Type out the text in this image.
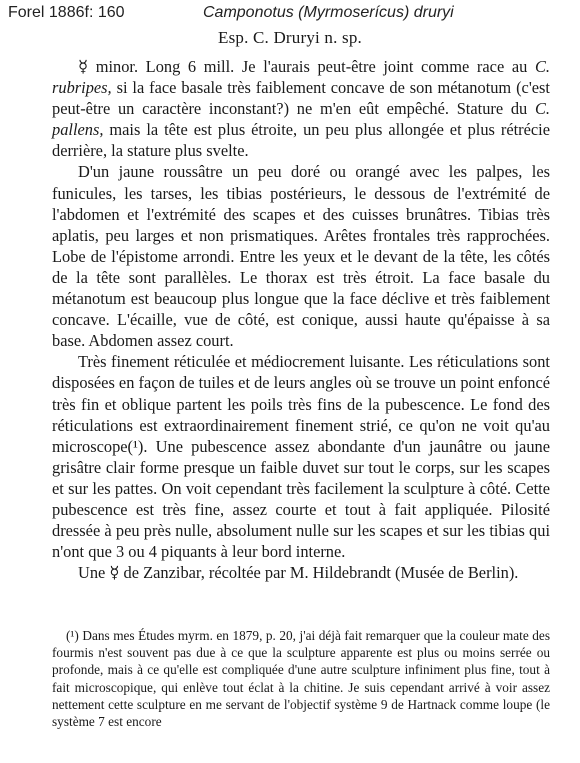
Forel 1886f: 160	Camponotus (Myrmoserícus) druryi
Esp. C. Druryi n. sp.

☿ minor. Long 6 mill. Je l'aurais peut-être joint comme race au C. rubripes, si la face basale très faiblement concave de son métanotum (c'est peut-être un caractère inconstant?) ne m'en eût empêché. Stature du C. pallens, mais la tête est plus étroite, un peu plus allongée et plus rétrécie derrière, la stature plus svelte.

D'un jaune roussâtre un peu doré ou orangé avec les palpes, les funicules, les tarses, les tibias postérieurs, le dessous de l'extrémité de l'abdomen et l'extrémité des scapes et des cuisses brunâtres. Tibias très aplatis, peu larges et non prismatiques. Arêtes frontales très rapprochées. Lobe de l'épistome arrondi. Entre les yeux et le devant de la tête, les côtés de la tête sont parallèles. Le thorax est très étroit. La face basale du métanotum est beaucoup plus longue que la face déclive et très faiblement concave. L'écaille, vue de côté, est conique, aussi haute qu'épaisse à sa base. Abdomen assez court.

Très finement réticulée et médiocrement luisante. Les réticulations sont disposées en façon de tuiles et de leurs angles où se trouve un point enfoncé très fin et oblique partent les poils très fins de la pubescence. Le fond des réticulations est extraordinairement finement strié, ce qu'on ne voit qu'au microscope(¹). Une pubescence assez abondante d'un jaunâtre ou jaune grisâtre clair forme presque un faible duvet sur tout le corps, sur les scapes et sur les pattes. On voit cependant très facilement la sculpture à côté. Cette pubescence est très fine, assez courte et tout à fait appliquée. Pilosité dressée à peu près nulle, absolument nulle sur les scapes et sur les tibias qui n'ont que 3 ou 4 piquants à leur bord interne.

Une ☿ de Zanzibar, récoltée par M. Hildebrandt (Musée de Berlin).

(¹) Dans mes Études myrm. en 1879, p. 20, j'ai déjà fait remarquer que la couleur mate des fourmis n'est souvent pas due à ce que la sculpture apparente est plus ou moins serrée ou profonde, mais à ce qu'elle est compliquée d'une autre sculpture infiniment plus fine, tout à fait microscopique, qui enlève tout éclat à la chitine. Je suis cependant arrivé à voir assez nettement cette sculpture en me servant de l'objectif système 9 de Hartnack comme loupe (le système 7 est encore
